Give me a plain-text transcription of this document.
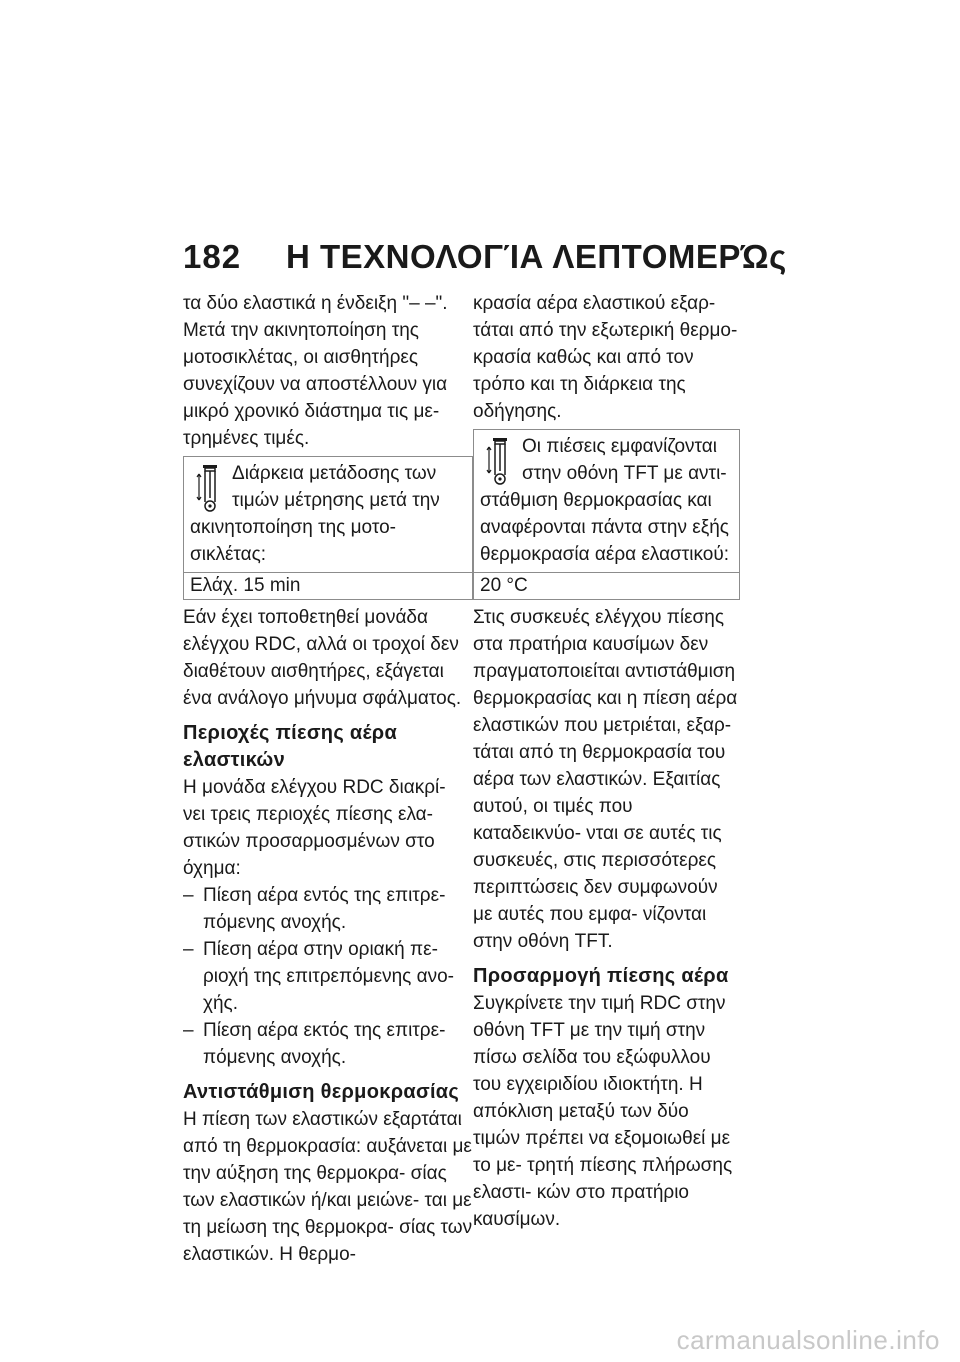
182 Η ΤΕΧΝΟΛΟΓΊΑ ΛΕΠΤΟΜΕΡΏς

τα δύο ελαστικά η ένδειξη "– –". Μετά την ακινητοποίηση της μοτοσικλέτας, οι αισθητήρες συνεχίζουν να αποστέλλουν για μικρό χρονικό διάστημα τις με- τρημένες τιμές.

Διάρκεια μετάδοσης των τιμών μέτρησης μετά την ακινητοποίηση της μοτο- σικλέτας:
Ελάχ. 15 min

Εάν έχει τοποθετηθεί μονάδα ελέγχου RDC, αλλά οι τροχοί δεν διαθέτουν αισθητήρες, εξάγεται ένα ανάλογο μήνυμα σφάλματος.

Περιοχές πίεσης αέρα ελαστικών

Η μονάδα ελέγχου RDC διακρί- νει τρεις περιοχές πίεσης ελα- στικών προσαρμοσμένων στο όχημα:

– Πίεση αέρα εντός της επιτρε- πόμενης ανοχής.
– Πίεση αέρα στην οριακή πε- ριοχή της επιτρεπόμενης ανο- χής.
– Πίεση αέρα εκτός της επιτρε- πόμενης ανοχής.
Αντιστάθμιση θερμοκρασίας

Η πίεση των ελαστικών εξαρτάται από τη θερμοκρασία: αυξάνεται με την αύξηση της θερμοκρα- σίας των ελαστικών ή/και μειώνε- ται με τη μείωση της θερμοκρα- σίας των ελαστικών. Η θερμο-

κρασία αέρα ελαστικού εξαρ- τάται από την εξωτερική θερμο- κρασία καθώς και από τον τρόπο και τη διάρκεια της οδήγησης.

Οι πιέσεις εμφανίζονται στην οθόνη TFT με αντι- στάθμιση θερμοκρασίας και αναφέρονται πάντα στην εξής θερμοκρασία αέρα ελαστικού:
20 °C

Στις συσκευές ελέγχου πίεσης στα πρατήρια καυσίμων δεν πραγματοποιείται αντιστάθμιση θερμοκρασίας και η πίεση αέρα ελαστικών που μετριέται, εξαρ- τάται από τη θερμοκρασία του αέρα των ελαστικών. Εξαιτίας αυτού, οι τιμές που καταδεικνύο- νται σε αυτές τις συσκευές, στις περισσότερες περιπτώσεις δεν συμφωνούν με αυτές που εμφα- νίζονται στην οθόνη TFT.

Προσαρμογή πίεσης αέρα

Συγκρίνετε την τιμή RDC στην οθόνη TFT με την τιμή στην πίσω σελίδα του εξώφυλλου του εγχειριδίου ιδιοκτήτη. Η απόκλιση μεταξύ των δύο τιμών πρέπει να εξομοιωθεί με το με- τρητή πίεσης πλήρωσης ελαστι- κών στο πρατήριο καυσίμων.

carmanualsonline.info
